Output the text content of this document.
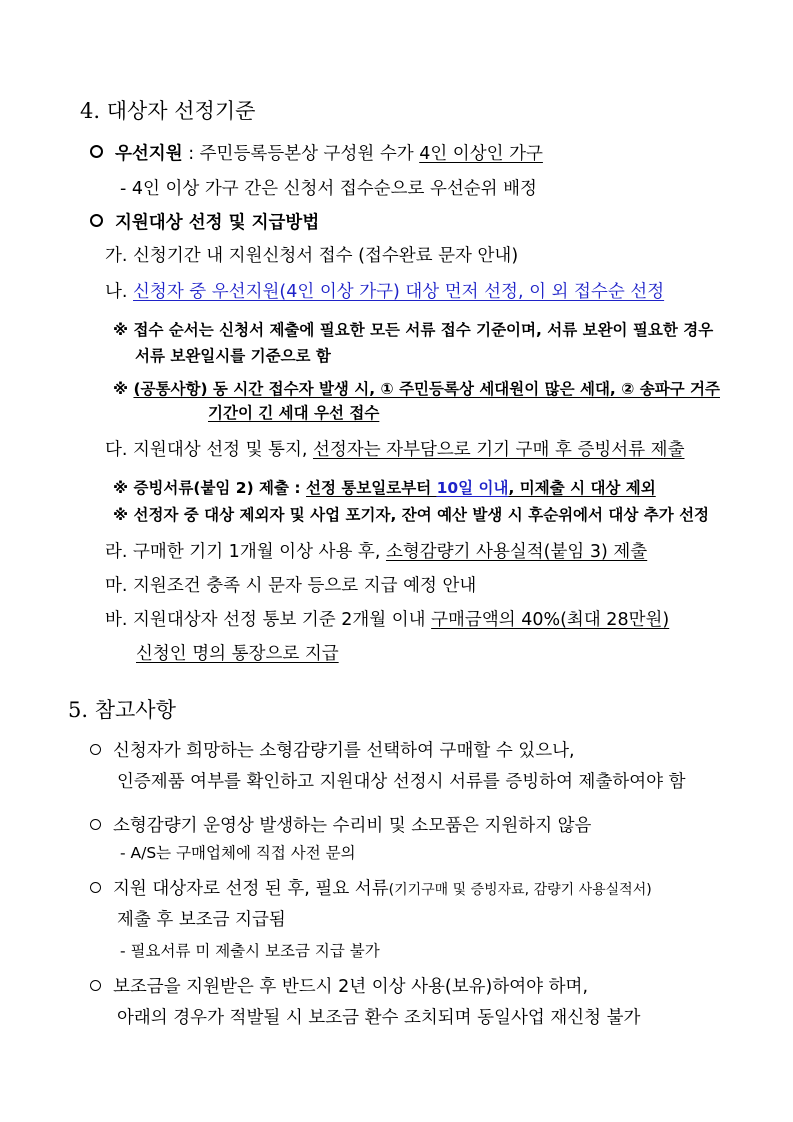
4. 대상자 선정기준
우선지원 : 주민등록등본상 구성원 수가 4인 이상인 가구
- 4인 이상 가구 간은 신청서 접수순으로 우선순위 배정
지원대상 선정 및 지급방법
가. 신청기간 내 지원신청서 접수 (접수완료 문자 안내)
나. 신청자 중 우선지원(4인 이상 가구) 대상 먼저 선정, 이 외 접수순 선정
※ 접수 순서는 신청서 제출에 필요한 모든 서류 접수 기준이며, 서류 보완이 필요한 경우
서류 보완일시를 기준으로 함
※ (공통사항) 동 시간 접수자 발생 시, ① 주민등록상 세대원이 많은 세대, ② 송파구 거주
기간이 긴 세대 우선 접수
다. 지원대상 선정 및 통지, 선정자는 자부담으로 기기 구매 후 증빙서류 제출
※ 증빙서류(붙임 2) 제출 : 선정 통보일로부터 10일 이내, 미제출 시 대상 제외
※ 선정자 중 대상 제외자 및 사업 포기자, 잔여 예산 발생 시 후순위에서 대상 추가 선정
라. 구매한 기기 1개월 이상 사용 후, 소형감량기 사용실적(붙임 3) 제출
마. 지원조건 충족 시 문자 등으로 지급 예정 안내
바. 지원대상자 선정 통보 기준 2개월 이내 구매금액의 40%(최대 28만원)
신청인 명의 통장으로 지급
5. 참고사항
신청자가 희망하는 소형감량기를 선택하여 구매할 수 있으나,
인증제품 여부를 확인하고 지원대상 선정시 서류를 증빙하여 제출하여야 함
소형감량기 운영상 발생하는 수리비 및 소모품은 지원하지 않음
- A/S는 구매업체에 직접 사전 문의
지원 대상자로 선정 된 후, 필요 서류(기기구매 및 증빙자료, 감량기 사용실적서)
제출 후 보조금 지급됨
- 필요서류 미 제출시 보조금 지급 불가
보조금을 지원받은 후 반드시 2년 이상 사용(보유)하여야 하며,
아래의 경우가 적발될 시 보조금 환수 조치되며 동일사업 재신청 불가
